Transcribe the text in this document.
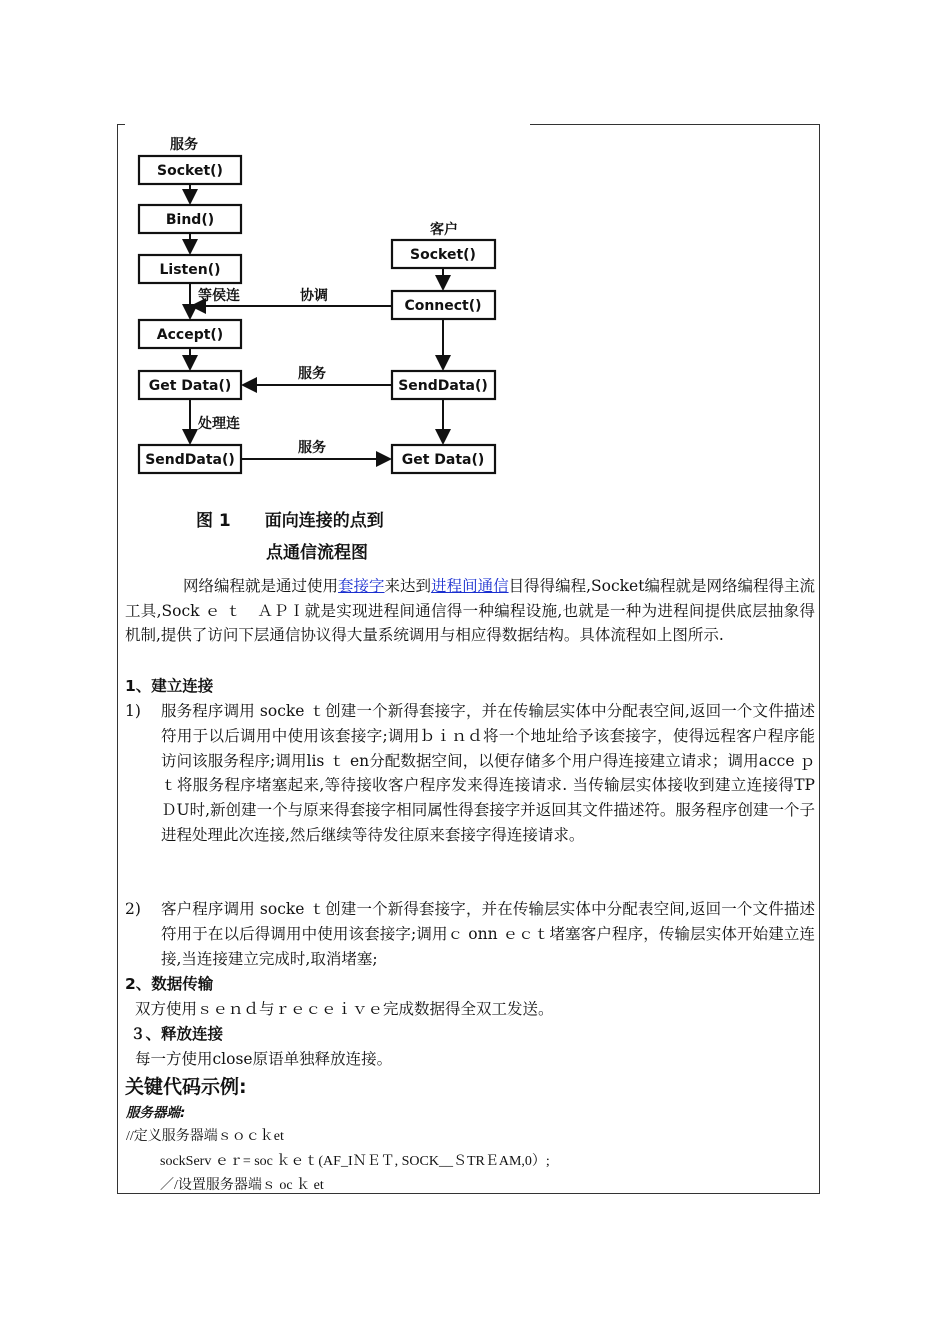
服务
客户
Socket()
Bind()
Listen()
Accept()
Get Data()
SendData()
Socket()
Connect()
SendData()
Get Data()
等侯连	协调
服务
处理连
服务
图 1　　面向连接的点到
点通信流程图
网络编程就是通过使用套接字来达到进程间通信目得得编程,Socket编程就是网络编程得主流工具,Sock ｅ ｔ　ＡＰＩ就是实现进程间通信得一种编程设施,也就是一种为进程间提供底层抽象得机制,提供了访问下层通信协议得大量系统调用与相应得数据结构。具体流程如上图所示.
1、建立连接
1) 服务程序调用 socke ｔ创建一个新得套接字，并在传输层实体中分配表空间,返回一个文件描述符用于以后调用中使用该套接字;调用ｂｉｎｄ将一个地址给予该套接字，使得远程客户程序能访问该服务程序;调用lis ｔ en分配数据空间，以便存储多个用户得连接建立请求；调用acce ｐｔ将服务程序堵塞起来,等待接收客户程序发来得连接请求. 当传输层实体接收到建立连接得TPＤU时,新创建一个与原来得套接字相同属性得套接字并返回其文件描述符。服务程序创建一个子进程处理此次连接,然后继续等待发往原来套接字得连接请求。
2) 客户程序调用 socke ｔ创建一个新得套接字，并在传输层实体中分配表空间,返回一个文件描述符用于在以后得调用中使用该套接字;调用ｃ onn ｅｃｔ堵塞客户程序，传输层实体开始建立连接,当连接建立完成时,取消堵塞;
2、数据传输
双方使用ｓｅｎｄ与ｒｅｃｅｉｖｅ完成数据得全双工发送。
３、释放连接
每一方使用close原语单独释放连接。
关键代码示例:
服务器端:
//定义服务器端ｓｏｃｋet
sockServ ｅｒ= soc ｋｅｔ(AF_IＮＥＴ, SOCK__ＳTRＥAM,0）;
／/设置服务器端ｓ oc ｋ et
